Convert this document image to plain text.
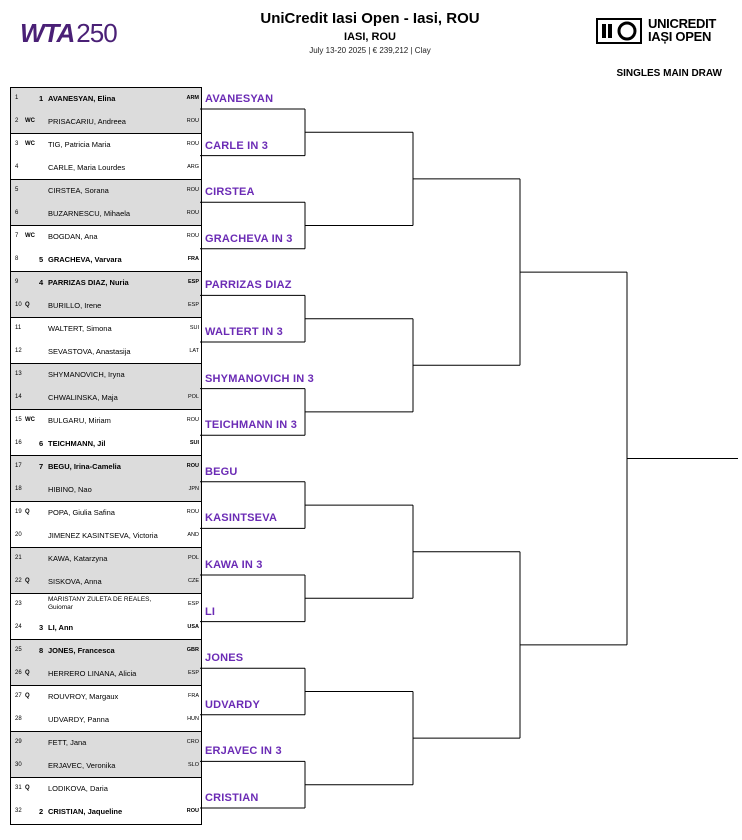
WTA250	UniCredit Iasi Open - Iasi, ROU
IASI, ROU
July 13-20 2025 | € 239,212 | Clay
UNICREDIT
IAȘI OPEN
SINGLES MAIN DRAW
1	1 AVANESYAN, Elina	ARM
2	WC PRISACARIU, Andreea	ROU
3	WC TIG, Patricia Maria	ROU
4	CARLE, Maria Lourdes	ARG
5	CIRSTEA, Sorana	ROU
6	BUZARNESCU, Mihaela	ROU
7	WC BOGDAN, Ana	ROU
8	5 GRACHEVA, Varvara	FRA
9	4 PARRIZAS DIAZ, Nuria	ESP
10 Q BURILLO, Irene	ESP
11	WALTERT, Simona	SUI
12	SEVASTOVA, Anastasija	LAT
13	SHYMANOVICH, Iryna
14	CHWALINSKA, Maja	POL
15 WC BULGARU, Miriam	ROU
16	6 TEICHMANN, Jil	SUI
17	7 BEGU, Irina-Camelia	ROU
18	HIBINO, Nao	JPN
19 Q POPA, Giulia Safina	ROU
20	JIMENEZ KASINTSEVA, Victoria	AND
21	KAWA, Katarzyna	POL
22 Q SISKOVA, Anna	CZE
23
MARISTANY ZULETA DE REALES, Guiomar	ESP
24	3 LI, Ann	USA
25	8 JONES, Francesca	GBR
26 Q HERRERO LINANA, Alicia	ESP
27 Q ROUVROY, Margaux	FRA
28	UDVARDY, Panna	HUN
29	FETT, Jana	CRO
30	ERJAVEC, Veronika	SLO
31 Q LODIKOVA, Daria
32	2 CRISTIAN, Jaqueline	ROU
AVANESYAN
CARLE IN 3
CIRSTEA
GRACHEVA IN 3
PARRIZAS DIAZ
WALTERT IN 3
SHYMANOVICH IN 3
TEICHMANN IN 3
BEGU
KASINTSEVA
KAWA IN 3
LI
JONES
UDVARDY
ERJAVEC IN 3
CRISTIAN
